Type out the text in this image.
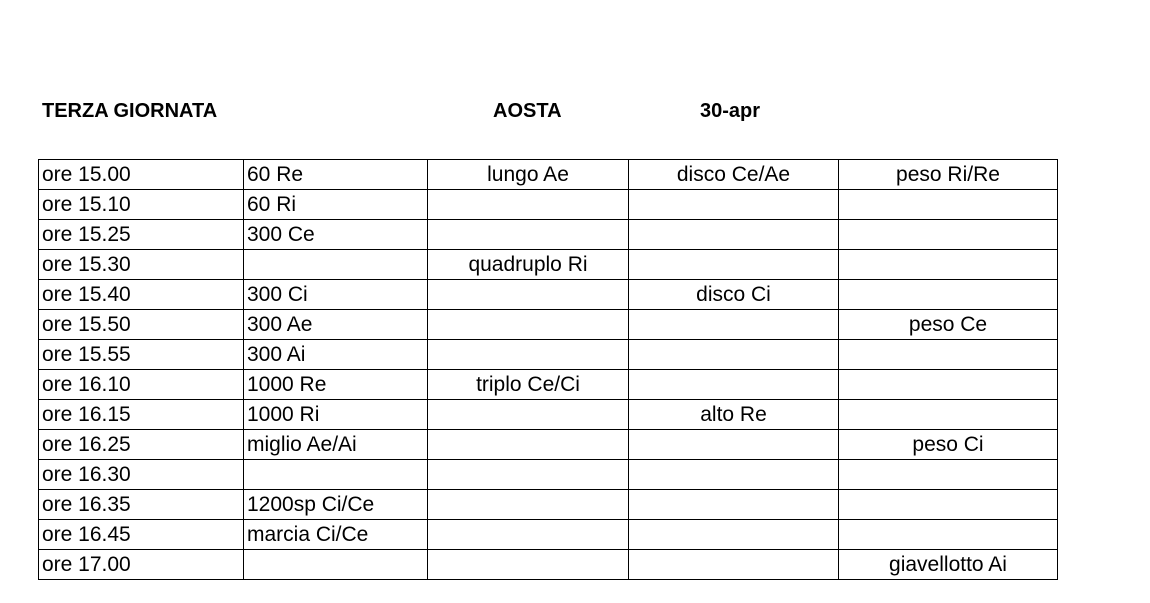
TERZA GIORNATA	AOSTA	30-apr
ore 15.00	60 Re	lungo Ae	disco Ce/Ae	peso Ri/Re
ore 15.10	60 Ri			
ore 15.25	300 Ce			
ore 15.30		quadruplo Ri		
ore 15.40	300 Ci		disco Ci	
ore 15.50	300 Ae			peso Ce
ore 15.55	300 Ai			
ore 16.10	1000 Re	triplo Ce/Ci		
ore 16.15	1000 Ri		alto Re	
ore 16.25	miglio Ae/Ai			peso Ci
ore 16.30				
ore 16.35	1200sp Ci/Ce			
ore 16.45	marcia Ci/Ce			
ore 17.00				giavellotto Ai
